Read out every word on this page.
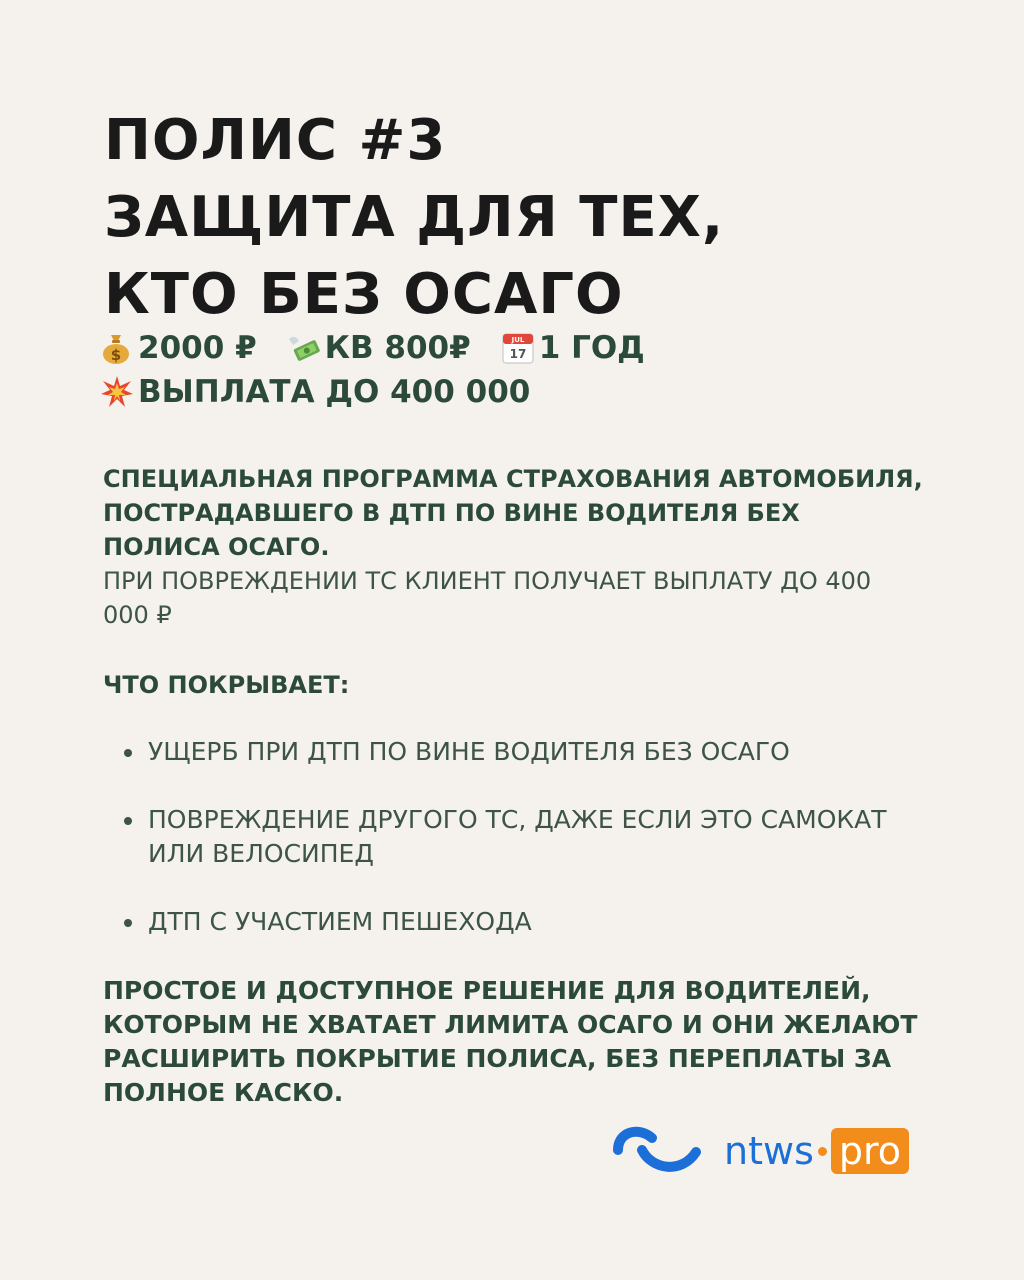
ПОЛИС #3
ЗАЩИТА ДЛЯ ТЕХ,
КТО БЕЗ ОСАГО
$ 2000 ₽ КВ 800₽	JUL
17 1 ГОД
ВЫПЛАТА ДО 400 000
СПЕЦИАЛЬНАЯ ПРОГРАММА СТРАХОВАНИЯ АВТОМОБИЛЯ, ПОСТРАДАВШЕГО В ДТП ПО ВИНЕ ВОДИТЕЛЯ БЕХ ПОЛИСА ОСАГО.
ПРИ ПОВРЕЖДЕНИИ ТС КЛИЕНТ ПОЛУЧАЕТ ВЫПЛАТУ ДО 400 000 ₽
ЧТО ПОКРЫВАЕТ:
УЩЕРБ ПРИ ДТП ПО ВИНЕ ВОДИТЕЛЯ БЕЗ ОСАГО
ПОВРЕЖДЕНИЕ ДРУГОГО ТС, ДАЖЕ ЕСЛИ ЭТО САМОКАТ ИЛИ ВЕЛОСИПЕД
ДТП С УЧАСТИЕМ ПЕШЕХОДА
ПРОСТОЕ И ДОСТУПНОЕ РЕШЕНИЕ ДЛЯ ВОДИТЕЛЕЙ, КОТОРЫМ НЕ ХВАТАЕТ ЛИМИТА ОСАГО И ОНИ ЖЕЛАЮТ РАСШИРИТЬ ПОКРЫТИЕ ПОЛИСА, БЕЗ ПЕРЕПЛАТЫ ЗА ПОЛНОЕ КАСКО.
ntws pro
